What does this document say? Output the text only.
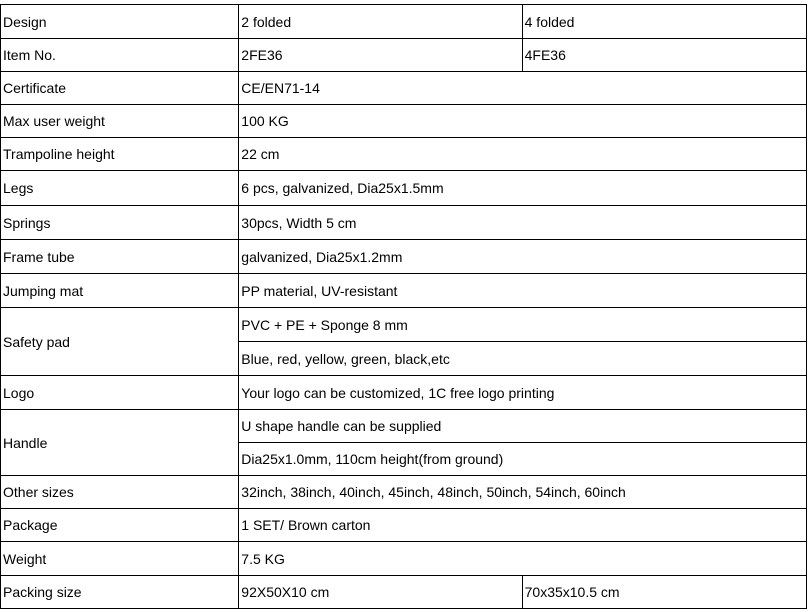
Design	2 folded	4 folded
Item No.	2FE36	4FE36
Certificate	CE/EN71-14	
Max user weight	100 KG	
Trampoline height	22 cm	
Legs	6 pcs, galvanized, Dia25x1.5mm	
Springs	30pcs, Width 5 cm	
Frame tube	galvanized, Dia25x1.2mm	
Jumping mat	PP material, UV-resistant	
Safety pad	PVC + PE + Sponge 8 mm	
	Blue, red, yellow, green, black,etc	
Logo	Your logo can be customized, 1C free logo printing	
Handle	U shape handle can be supplied	
	Dia25x1.0mm, 110cm height(from ground)	
Other sizes	32inch, 38inch, 40inch, 45inch, 48inch, 50inch, 54inch, 60inch	
Package	1 SET/ Brown carton	
Weight	7.5 KG	
Packing size	92X50X10 cm	70x35x10.5 cm
